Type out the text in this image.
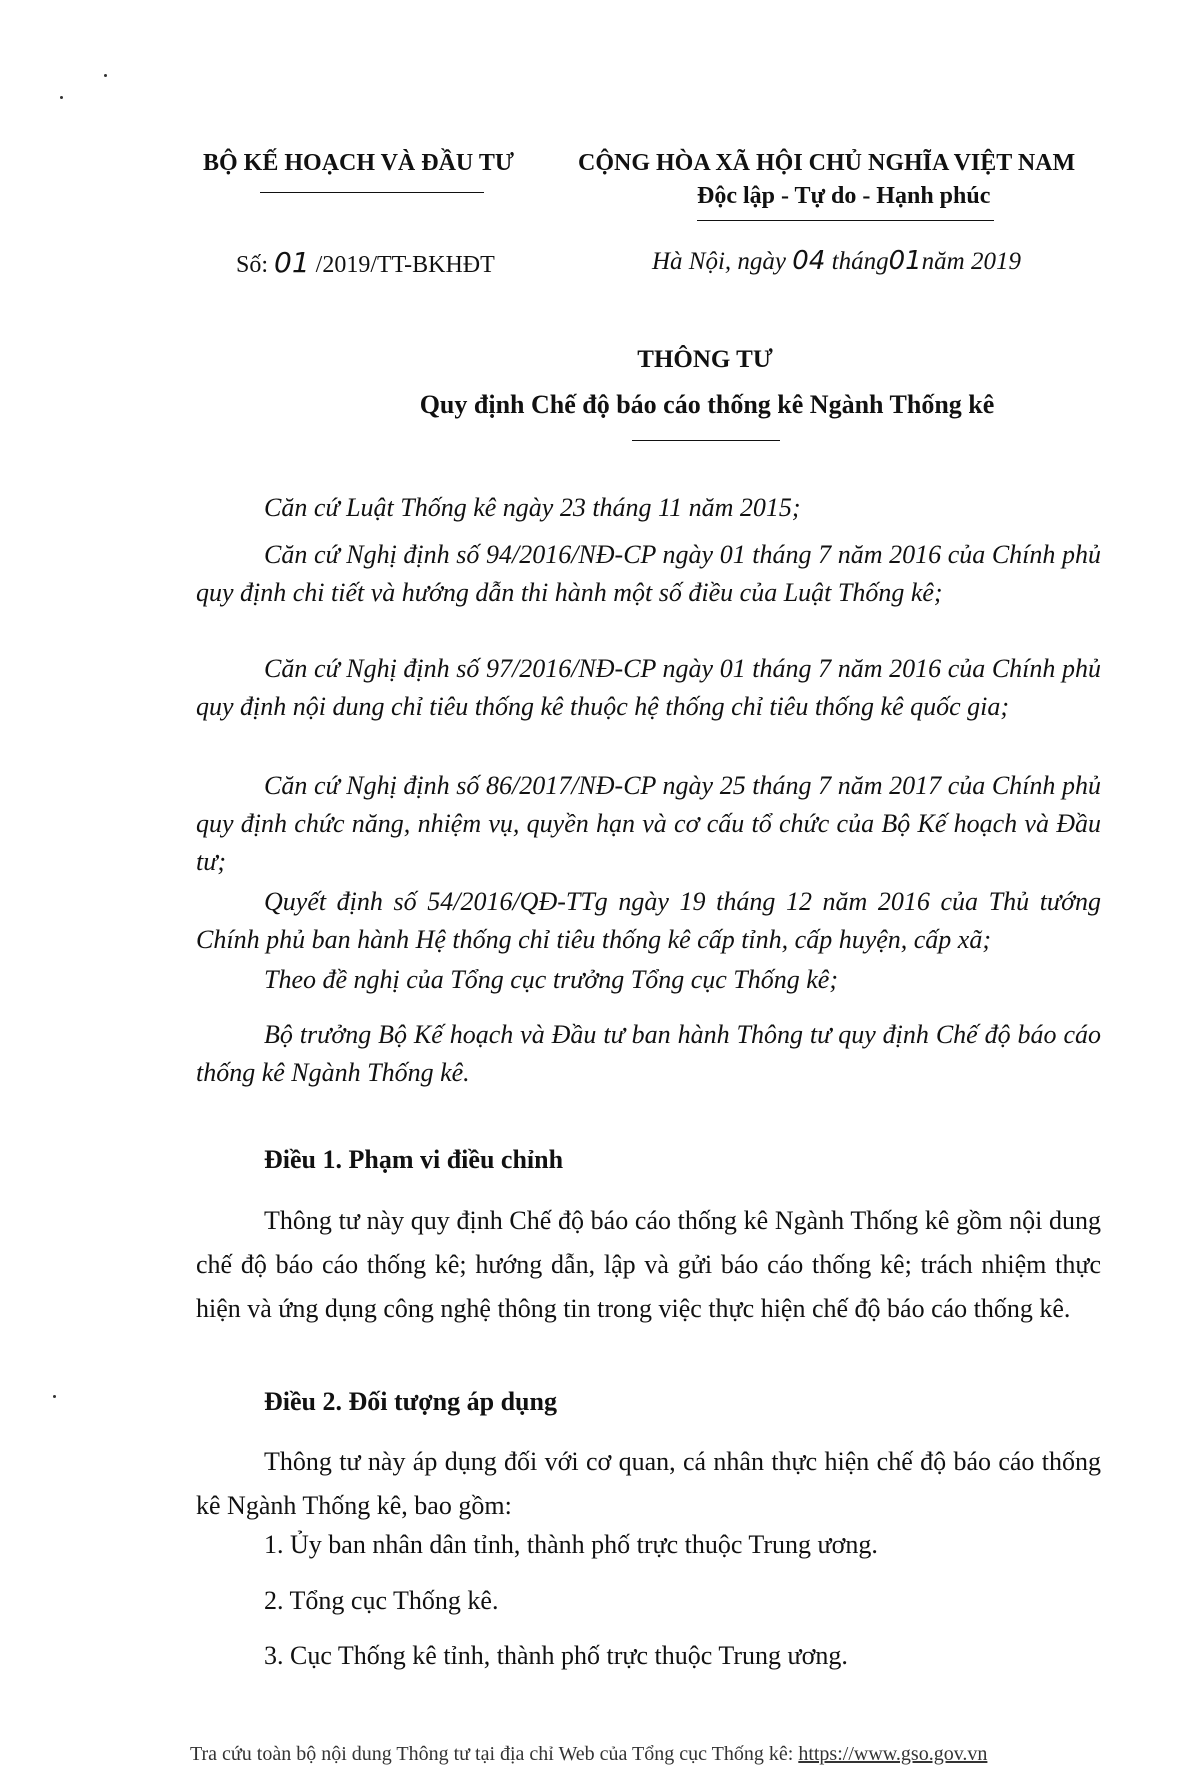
BỘ KẾ HOẠCH VÀ ĐẦU TƯ	CỘNG HÒA XÃ HỘI CHỦ NGHĨA VIỆT NAM
Độc lập - Tự do - Hạnh phúc
Số: 01 /2019/TT-BKHĐT	Hà Nội, ngày 04 tháng01năm 2019
THÔNG TƯ
Quy định Chế độ báo cáo thống kê Ngành Thống kê
Căn cứ Luật Thống kê ngày 23 tháng 11 năm 2015;
Căn cứ Nghị định số 94/2016/NĐ-CP ngày 01 tháng 7 năm 2016 của Chính phủ quy định chi tiết và hướng dẫn thi hành một số điều của Luật Thống kê;
Căn cứ Nghị định số 97/2016/NĐ-CP ngày 01 tháng 7 năm 2016 của Chính phủ quy định nội dung chỉ tiêu thống kê thuộc hệ thống chỉ tiêu thống kê quốc gia;
Căn cứ Nghị định số 86/2017/NĐ-CP ngày 25 tháng 7 năm 2017 của Chính phủ quy định chức năng, nhiệm vụ, quyền hạn và cơ cấu tổ chức của Bộ Kế hoạch và Đầu tư;
Quyết định số 54/2016/QĐ-TTg ngày 19 tháng 12 năm 2016 của Thủ tướng Chính phủ ban hành Hệ thống chỉ tiêu thống kê cấp tỉnh, cấp huyện, cấp xã;
Theo đề nghị của Tổng cục trưởng Tổng cục Thống kê;
Bộ trưởng Bộ Kế hoạch và Đầu tư ban hành Thông tư quy định Chế độ báo cáo thống kê Ngành Thống kê.
Điều 1. Phạm vi điều chỉnh
Thông tư này quy định Chế độ báo cáo thống kê Ngành Thống kê gồm nội dung chế độ báo cáo thống kê; hướng dẫn, lập và gửi báo cáo thống kê; trách nhiệm thực hiện và ứng dụng công nghệ thông tin trong việc thực hiện chế độ báo cáo thống kê.
Điều 2. Đối tượng áp dụng
Thông tư này áp dụng đối với cơ quan, cá nhân thực hiện chế độ báo cáo thống kê Ngành Thống kê, bao gồm:
1. Ủy ban nhân dân tỉnh, thành phố trực thuộc Trung ương.
2. Tổng cục Thống kê.
3. Cục Thống kê tỉnh, thành phố trực thuộc Trung ương.
Tra cứu toàn bộ nội dung Thông tư tại địa chỉ Web của Tổng cục Thống kê: https://www.gso.gov.vn
